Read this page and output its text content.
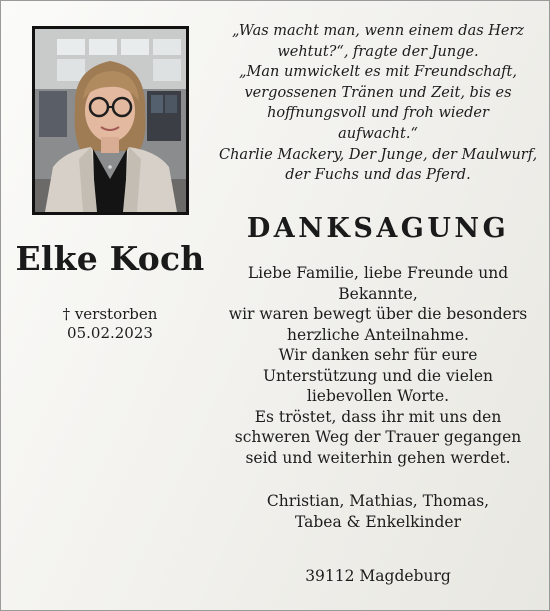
Elke Koch
† verstorben
05.02.2023
„Was macht man, wenn einem das Herz
wehtut?“, fragte der Junge.
„Man umwickelt es mit Freundschaft,
vergossenen Tränen und Zeit, bis es
hoffnungsvoll und froh wieder
aufwacht.“
Charlie Mackery, Der Junge, der Maulwurf,
der Fuchs und das Pferd.
DANKSAGUNG
Liebe Familie, liebe Freunde und
Bekannte,
wir waren bewegt über die besonders
herzliche Anteilnahme.
Wir danken sehr für eure
Unterstützung und die vielen
liebevollen Worte.
Es tröstet, dass ihr mit uns den
schweren Weg der Trauer gegangen
seid und weiterhin gehen werdet.
Christian, Mathias, Thomas,
Tabea & Enkelkinder
39112 Magdeburg
